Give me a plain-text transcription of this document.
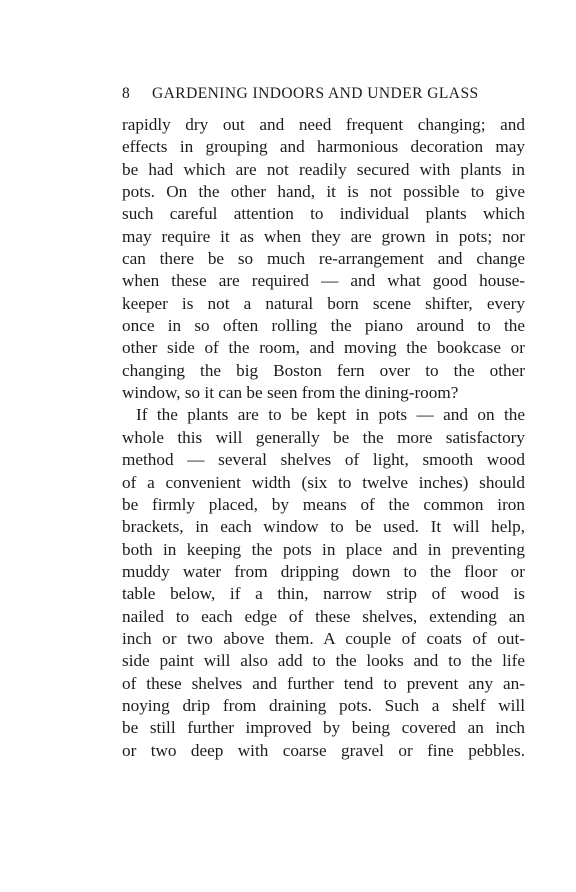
8	GARDENING INDOORS AND UNDER GLASS
rapidly dry out and need frequent changing; and
effects in grouping and harmonious decoration may
be had which are not readily secured with plants in
pots. On the other hand, it is not possible to give
such careful attention to individual plants which
may require it as when they are grown in pots; nor
can there be so much re-arrangement and change
when these are required — and what good house-
keeper is not a natural born scene shifter, every
once in so often rolling the piano around to the
other side of the room, and moving the bookcase or
changing the big Boston fern over to the other
window, so it can be seen from the dining-room?
If the plants are to be kept in pots — and on the
whole this will generally be the more satisfactory
method — several shelves of light, smooth wood
of a convenient width (six to twelve inches) should
be firmly placed, by means of the common iron
brackets, in each window to be used. It will help,
both in keeping the pots in place and in preventing
muddy water from dripping down to the floor or
table below, if a thin, narrow strip of wood is
nailed to each edge of these shelves, extending an
inch or two above them. A couple of coats of out-
side paint will also add to the looks and to the life
of these shelves and further tend to prevent any an-
noying drip from draining pots. Such a shelf will
be still further improved by being covered an inch
or two deep with coarse gravel or fine pebbles.
